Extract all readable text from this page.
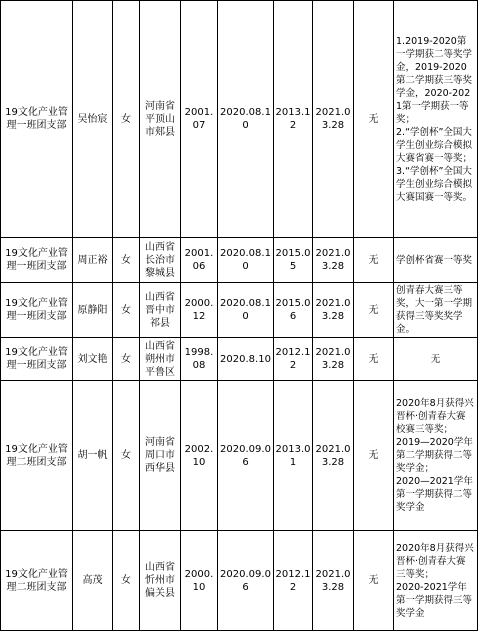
19文化产业管理一班团支部	吴怡宸	女	河南省平顶山市郏县	2001.07	2020.08.10	2013.12	2021.03.28	无	1.2019-2020第一学期获二等奖学金，2019-2020第二学期获三等奖学金，2020-2021第一学期获一等奖；
2.“学创杯”全国大学生创业综合模拟大赛省赛一等奖；
3.“学创杯”全国大学生创业综合模拟大赛国赛一等奖。

19文化产业管理一班团支部	周正裕	女	山西省长治市黎城县	2001.06	2020.08.10	2015.05	2021.03.28	无	学创杯省赛一等奖

19文化产业管理一班团支部	原静阳	女	山西省晋中市祁县	2000.12	2020.08.10	2015.06	2021.03.28	无	创青春大赛三等奖，大一第一学期获得三等奖奖学金。

19文化产业管理一班团支部	刘文艳	女	山西省朔州市平鲁区	1998.08	2020.8.10	2012.12	2021.03.28	无	无

19文化产业管理二班团支部	胡一帆	女	河南省周口市西华县	2002.10	2020.09.06	2013.01	2021.03.28	无	2020年8月获得兴晋杯·创青春大赛校赛三等奖；
2019—2020学年第二学期获得二等奖学金；
2020—2021学年第一学期获得二等奖学金

19文化产业管理二班团支部	高茂	女	山西省忻州市偏关县	2000.10	2020.09.06	2012.12	2021.03.28	无	2020年8月获得兴晋杯·创青春大赛三等奖；
2020-2021学年第一学期获得三等奖学金
